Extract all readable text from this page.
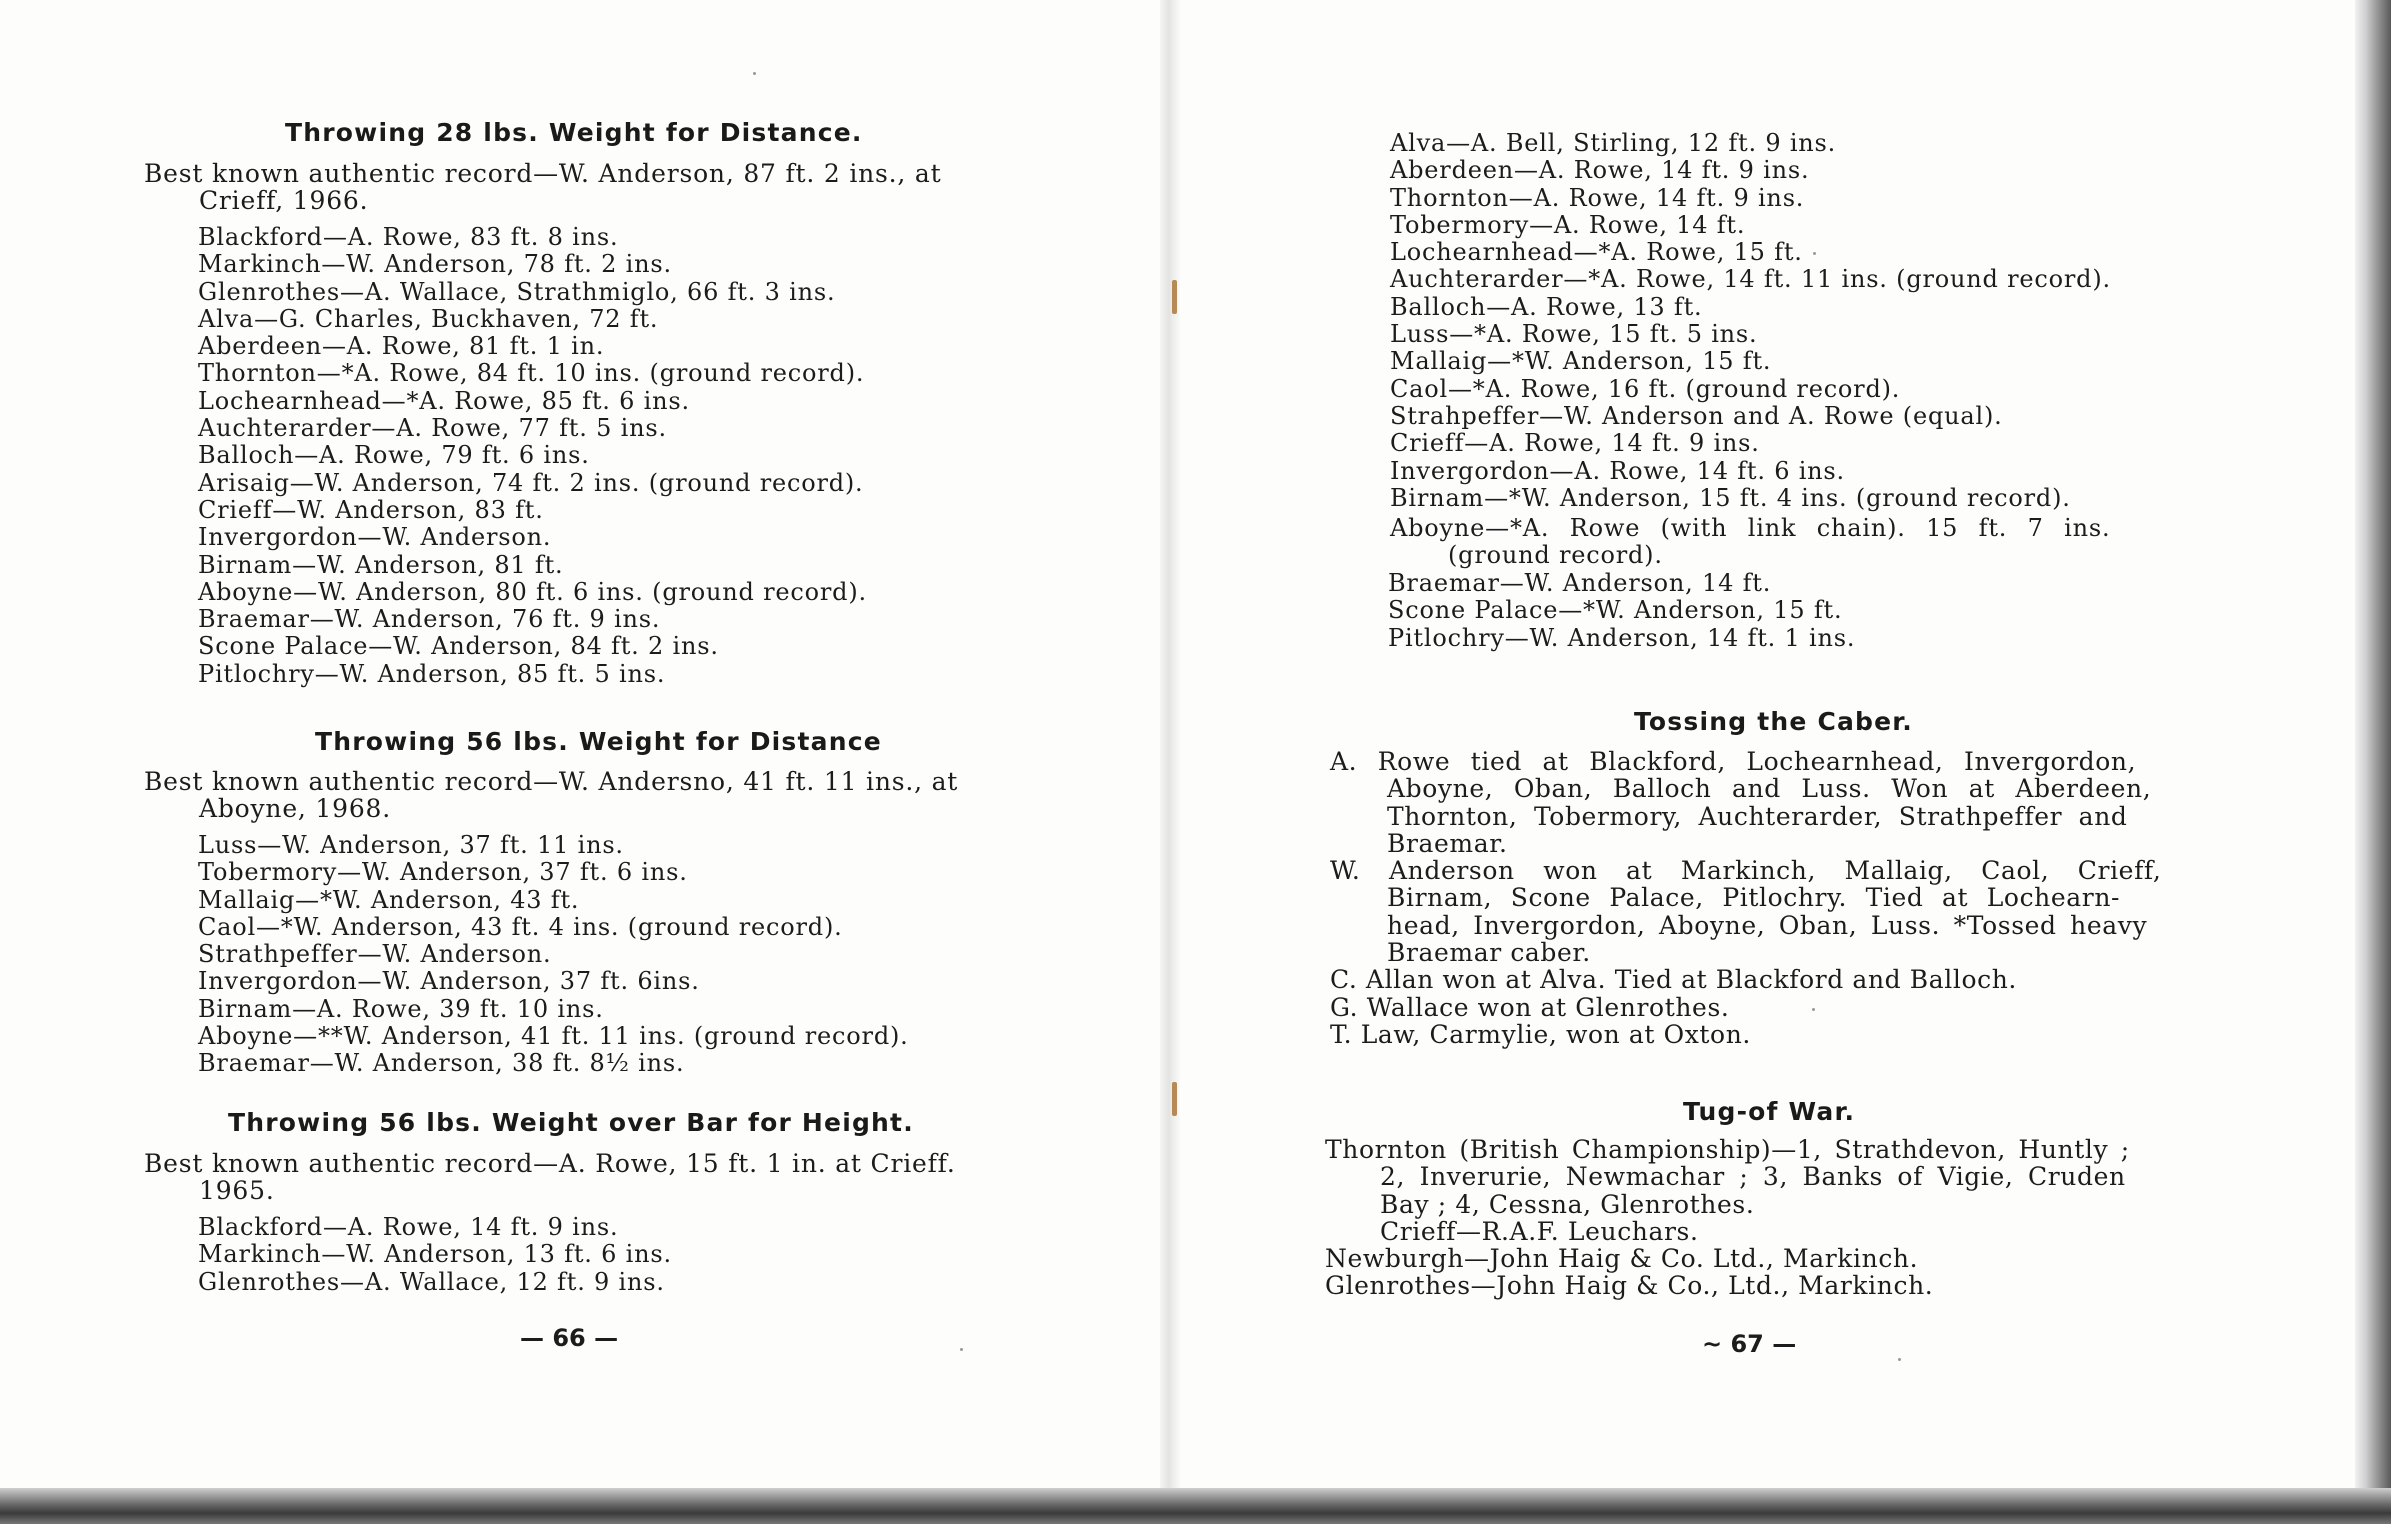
Throwing 28 lbs. Weight for Distance.

Best known authentic record—W. Anderson, 87 ft. 2 ins., at
Crieff, 1966.

Blackford—A. Rowe, 83 ft. 8 ins.
Markinch—W. Anderson, 78 ft. 2 ins.
Glenrothes—A. Wallace, Strathmiglo, 66 ft. 3 ins.
Alva—G. Charles, Buckhaven, 72 ft.
Aberdeen—A. Rowe, 81 ft. 1 in.
Thornton—*A. Rowe, 84 ft. 10 ins. (ground record).
Lochearnhead—*A. Rowe, 85 ft. 6 ins.
Auchterarder—A. Rowe, 77 ft. 5 ins.
Balloch—A. Rowe, 79 ft. 6 ins.
Arisaig—W. Anderson, 74 ft. 2 ins. (ground record).
Crieff—W. Anderson, 83 ft.
Invergordon—W. Anderson.
Birnam—W. Anderson, 81 ft.
Aboyne—W. Anderson, 80 ft. 6 ins. (ground record).
Braemar—W. Anderson, 76 ft. 9 ins.
Scone Palace—W. Anderson, 84 ft. 2 ins.
Pitlochry—W. Anderson, 85 ft. 5 ins.
Throwing 56 lbs. Weight for Distance

Best known authentic record—W. Andersno, 41 ft. 11 ins., at
Aboyne, 1968.

Luss—W. Anderson, 37 ft. 11 ins.
Tobermory—W. Anderson, 37 ft. 6 ins.
Mallaig—*W. Anderson, 43 ft.
Caol—*W. Anderson, 43 ft. 4 ins. (ground record).
Strathpeffer—W. Anderson.
Invergordon—W. Anderson, 37 ft. 6ins.
Birnam—A. Rowe, 39 ft. 10 ins.
Aboyne—**W. Anderson, 41 ft. 11 ins. (ground record).
Braemar—W. Anderson, 38 ft. 8½ ins.
Throwing 56 lbs. Weight over Bar for Height.

Best known authentic record—A. Rowe, 15 ft. 1 in. at Crieff.
1965.

Blackford—A. Rowe, 14 ft. 9 ins.
Markinch—W. Anderson, 13 ft. 6 ins.
Glenrothes—A. Wallace, 12 ft. 9 ins.
— 66 —
Alva—A. Bell, Stirling, 12 ft. 9 ins.
Aberdeen—A. Rowe, 14 ft. 9 ins.
Thornton—A. Rowe, 14 ft. 9 ins.
Tobermory—A. Rowe, 14 ft.
Lochearnhead—*A. Rowe, 15 ft.
Auchterarder—*A. Rowe, 14 ft. 11 ins. (ground record).
Balloch—A. Rowe, 13 ft.
Luss—*A. Rowe, 15 ft. 5 ins.
Mallaig—*W. Anderson, 15 ft.
Caol—*A. Rowe, 16 ft. (ground record).
Strahpeffer—W. Anderson and A. Rowe (equal).
Crieff—A. Rowe, 14 ft. 9 ins.
Invergordon—A. Rowe, 14 ft. 6 ins.
Birnam—*W. Anderson, 15 ft. 4 ins. (ground record).
Aboyne—*A. Rowe (with link chain). 15 ft. 7 ins.
(ground record).
Braemar—W. Anderson, 14 ft.
Scone Palace—*W. Anderson, 15 ft.
Pitlochry—W. Anderson, 14 ft. 1 ins.
Tossing the Caber.
A. Rowe tied at Blackford, Lochearnhead, Invergordon,
Aboyne, Oban, Balloch and Luss. Won at Aberdeen,
Thornton, Tobermory, Auchterarder, Strathpeffer and
Braemar.
W. Anderson won at Markinch, Mallaig, Caol, Crieff,
Birnam, Scone Palace, Pitlochry. Tied at Lochearn-
head, Invergordon, Aboyne, Oban, Luss. *Tossed heavy
Braemar caber.
C. Allan won at Alva. Tied at Blackford and Balloch.
G. Wallace won at Glenrothes.
T. Law, Carmylie, won at Oxton.
Tug-of War.
Thornton (British Championship)—1, Strathdevon, Huntly ;
2, Inverurie, Newmachar ; 3, Banks of Vigie, Cruden
Bay ; 4, Cessna, Glenrothes.
Crieff—R.A.F. Leuchars.
Newburgh—John Haig & Co. Ltd., Markinch.
Glenrothes—John Haig & Co., Ltd., Markinch.
~ 67 —
